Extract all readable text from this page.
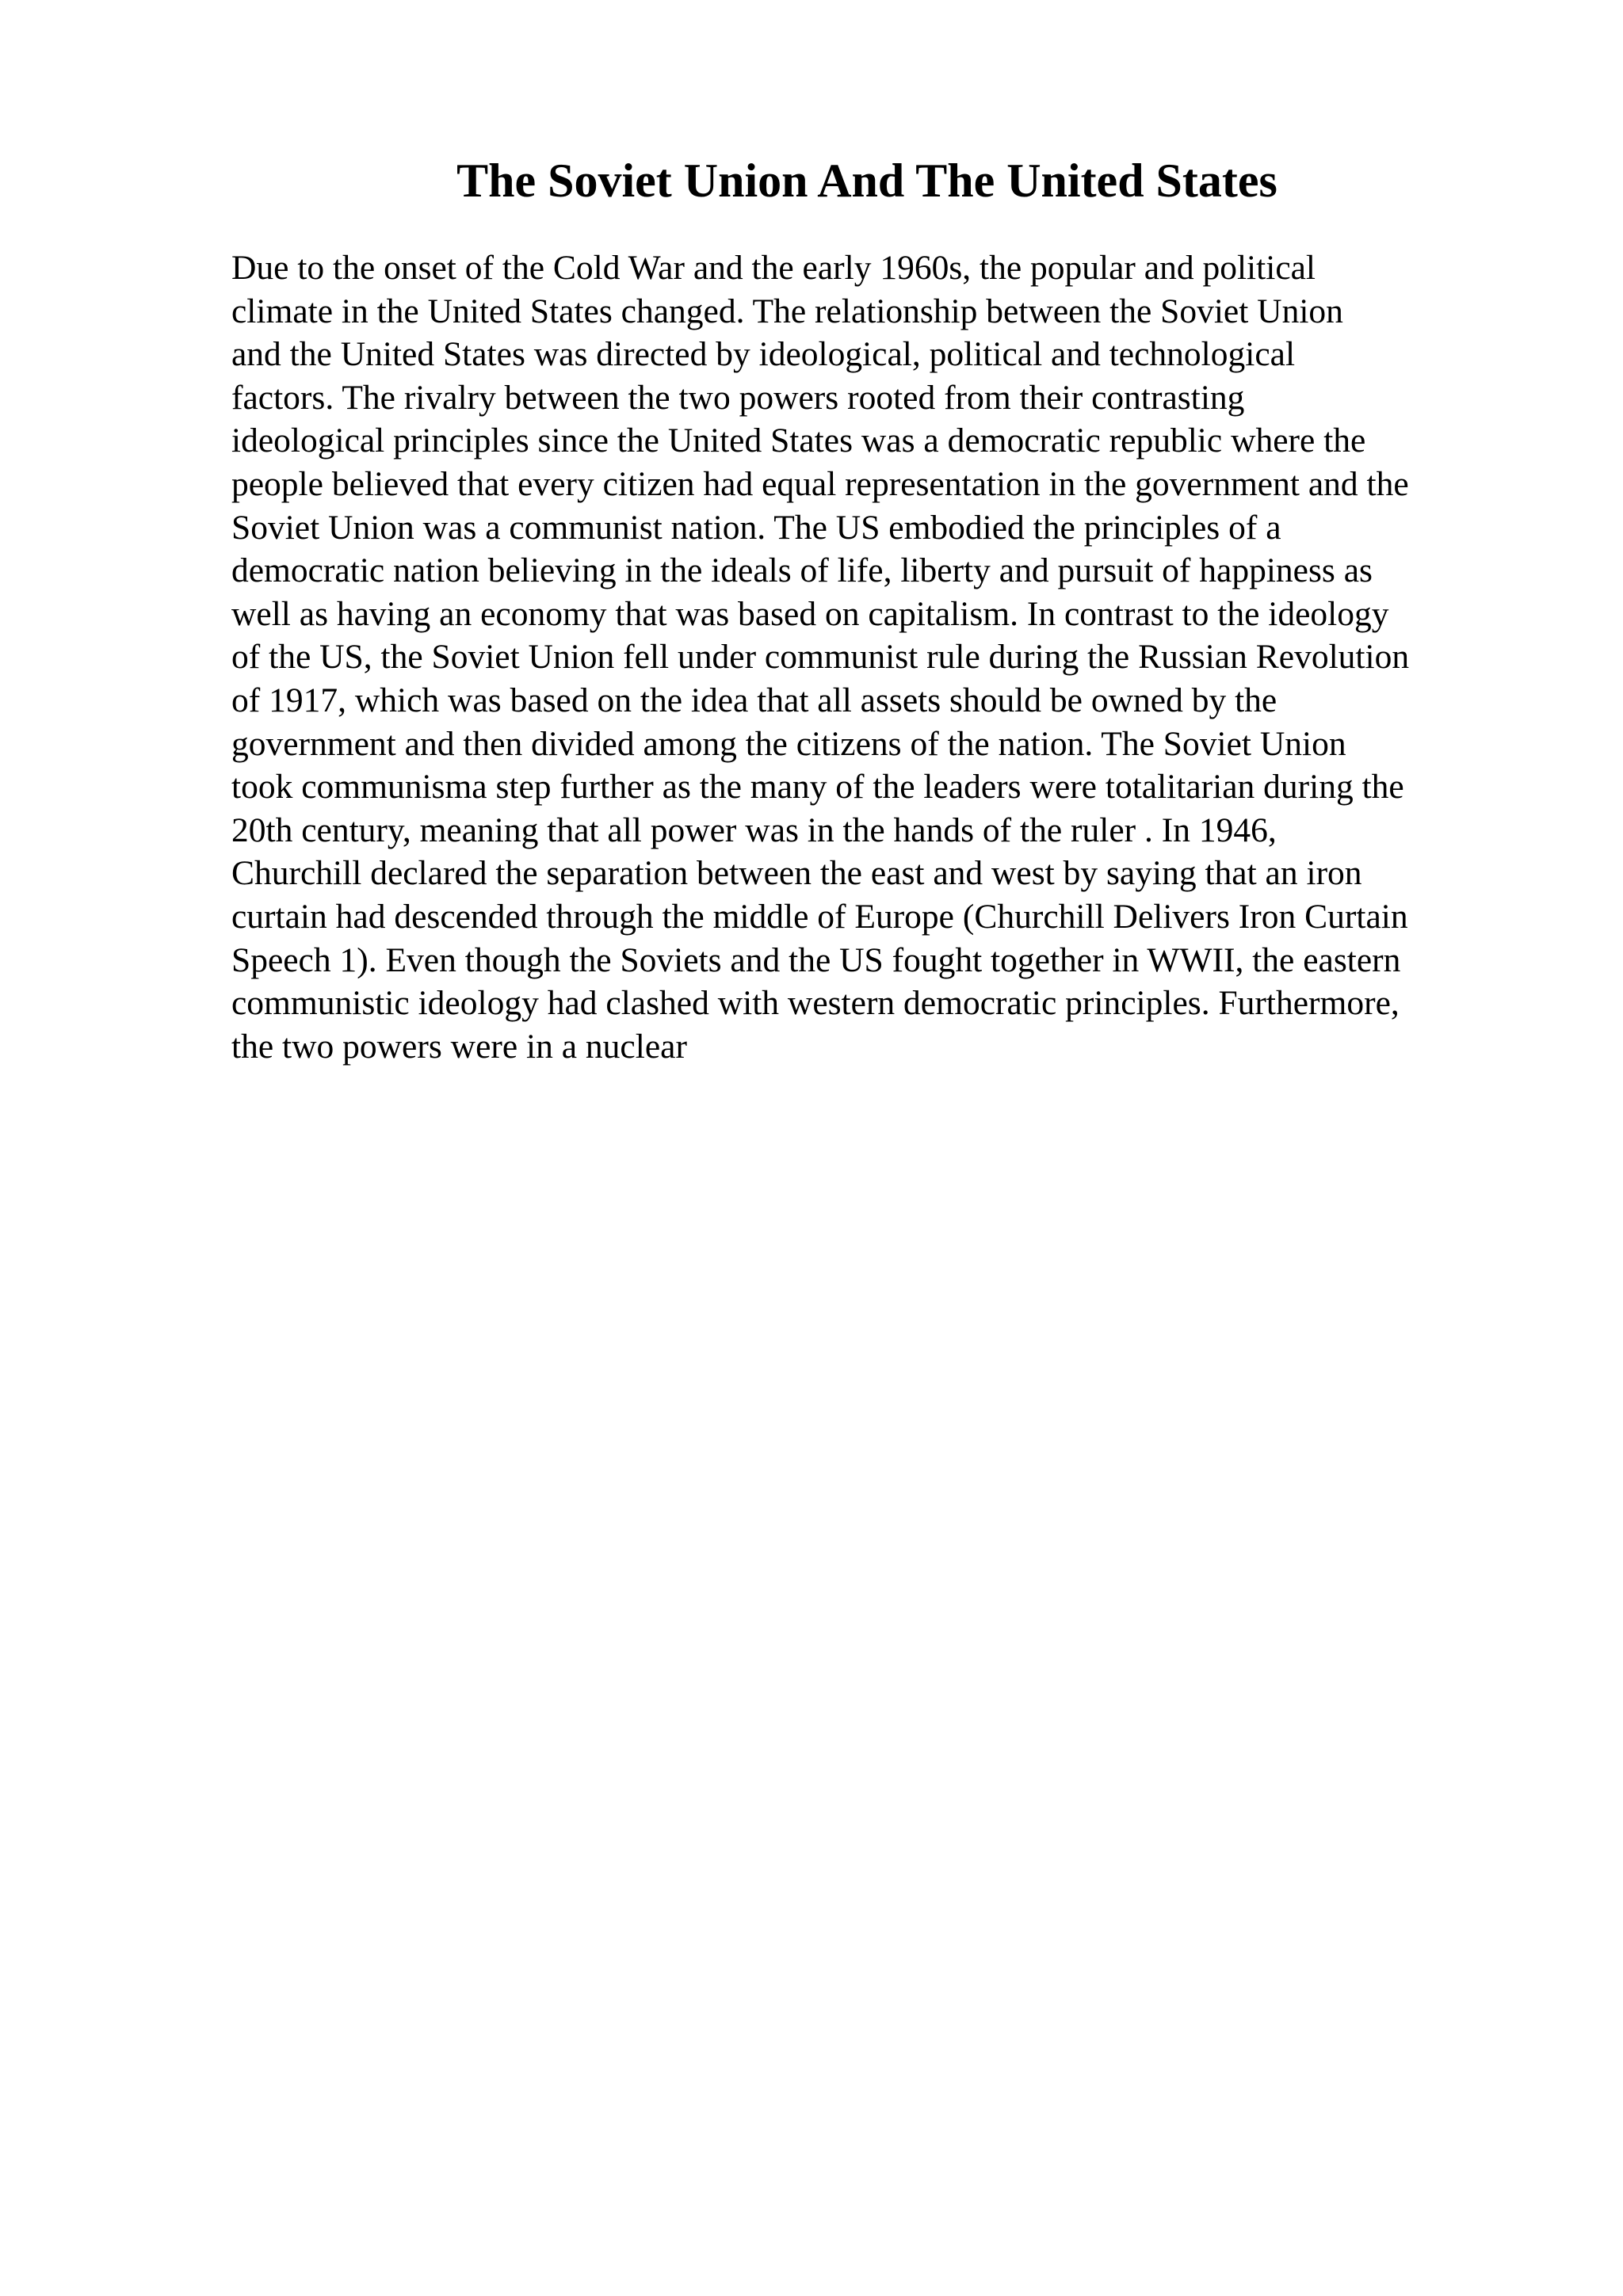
The Soviet Union And The United States
Due to the onset of the Cold War and the early 1960s, the popular and political
climate in the United States changed. The relationship between the Soviet Union
and the United States was directed by ideological, political and technological
factors. The rivalry between the two powers rooted from their contrasting
ideological principles since the United States was a democratic republic where the
people believed that every citizen had equal representation in the government and the
Soviet Union was a communist nation. The US embodied the principles of a
democratic nation believing in the ideals of life, liberty and pursuit of happiness as
well as having an economy that was based on capitalism. In contrast to the ideology
of the US, the Soviet Union fell under communist rule during the Russian Revolution
of 1917, which was based on the idea that all assets should be owned by the
government and then divided among the citizens of the nation. The Soviet Union
took communisma step further as the many of the leaders were totalitarian during the
20th century, meaning that all power was in the hands of the ruler . In 1946,
Churchill declared the separation between the east and west by saying that an iron
curtain had descended through the middle of Europe (Churchill Delivers Iron Curtain
Speech 1). Even though the Soviets and the US fought together in WWII, the eastern
communistic ideology had clashed with western democratic principles. Furthermore,
the two powers were in a nuclear
